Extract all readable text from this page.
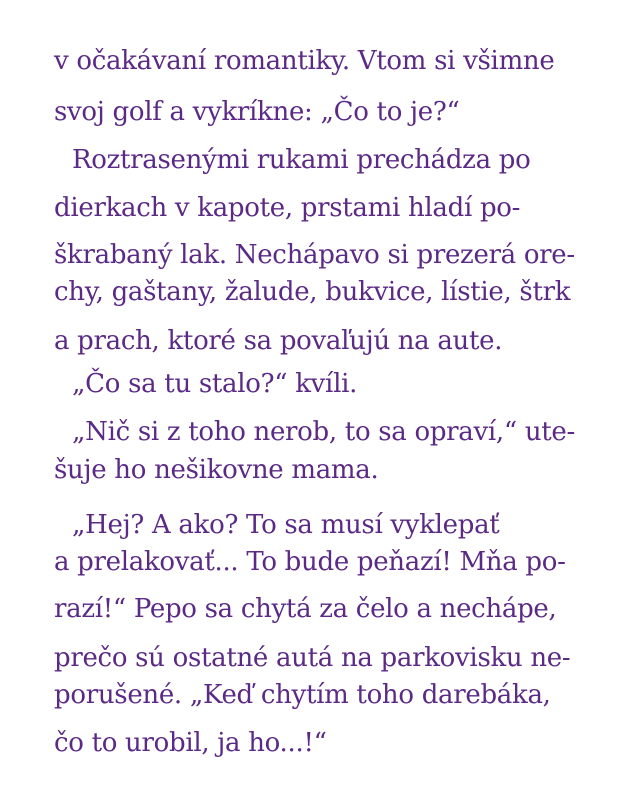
v očakávaní romantiky. Vtom si všimne
svoj golf a vykríkne: „Čo to je?“
Roztrasenými rukami prechádza po
dierkach v kapote, prstami hladí po-
škrabaný lak. Nechápavo si prezerá ore-
chy, gaštany, žalude, bukvice, lístie, štrk
a prach, ktoré sa povaľujú na aute.
„Čo sa tu stalo?“ kvíli.
„Nič si z toho nerob, to sa opraví,“ ute-
šuje ho nešikovne mama.
„Hej? A ako? To sa musí vyklepať
a prelakovať... To bude peňazí! Mňa po-
razí!“ Pepo sa chytá za čelo a nechápe,
prečo sú ostatné autá na parkovisku ne-
porušené. „Keď chytím toho darebáka,
čo to urobil, ja ho...!“
